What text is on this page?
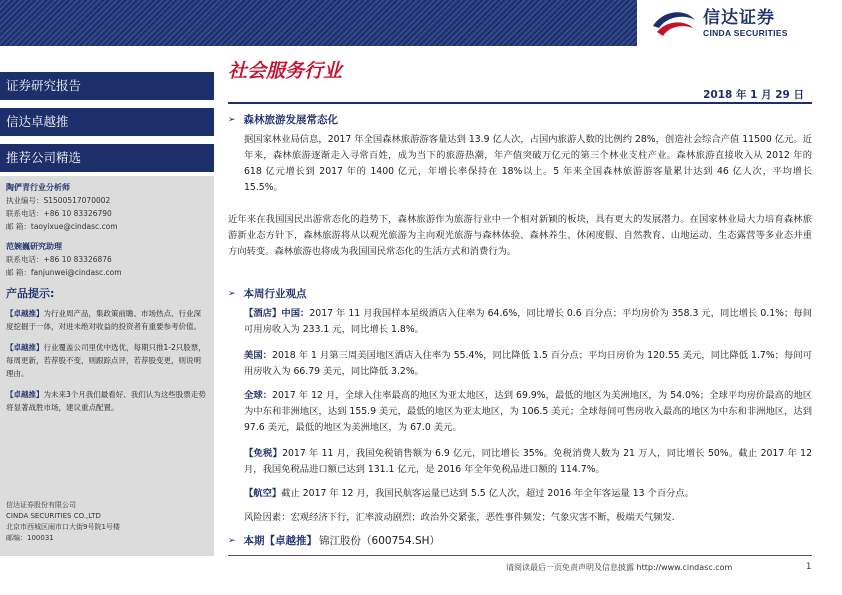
信达证券
CINDA SECURITIES
证券研究报告
信达卓越推
推荐公司精选
陶俨青行业分析师
执业编号：S1500517070002
联系电话：+86 10 83326790
邮 箱：taoyixue@cindasc.com
范婉巍研究助理
联系电话：+86 10 83326876
邮 箱：fanjunwei@cindasc.com
产品提示:
【卓越推】为行业周产品，集政策前瞻、市场热点、行业深度挖掘于一体，对进未绝对收益的投资者有重要参考价值。
【卓越推】行业覆盖公司里优中选优，每期只推1-2只股票，每周更新，若荐股不变，则跟踪点评，若荐股变更，则说明理由。
【卓越推】为未来3个月我们最看好、我们认为这些股票走势将显著战胜市场，建议重点配置。
信达证券股份有限公司
CINDA SECURITIES CO.,LTD
北京市西城区闹市口大街9号院1号楼
邮编：100031
社会服务行业
2018 年 1 月 29 日
➢ 森林旅游发展常态化
据国家林业局信息，2017 年全国森林旅游游客量达到 13.9 亿人次，占国内旅游人数的比例约 28%，创造社会综合产值 11500 亿元。近年来，森林旅游逐渐走入寻常百姓，成为当下的旅游热潮，年产值突破万亿元的第三个林业支柱产业。森林旅游直接收入从 2012 年的 618 亿元增长到 2017 年的 1400 亿元，年增长率保持在 18%以上。5 年来全国森林旅游游客量累计达到 46 亿人次，平均增长 15.5%。
近年来在我国国民出游常态化的趋势下，森林旅游作为旅游行业中一个相对新颖的板块，具有更大的发展潜力。在国家林业局大力培育森林旅游新业态方针下，森林旅游将从以观光旅游为主向观光旅游与森林体验、森林养生、休闲度假、自然教育、山地运动、生态露营等多业态并重方向转变。森林旅游也将成为我国国民常态化的生活方式和消费行为。
➢ 本周行业观点
【酒店】中国：2017 年 11 月我国样本星级酒店入住率为 64.6%，同比增长 0.6 百分点；平均房价为 358.3 元，同比增长 0.1%；每间可用房收入为 233.1 元，同比增长 1.8%。
美国：2018 年 1 月第三周美国地区酒店入住率为 55.4%，同比降低 1.5 百分点；平均日房价为 120.55 美元，同比降低 1.7%；每间可用房收入为 66.79 美元，同比降低 3.2%。
全球：2017 年 12 月，全球入住率最高的地区为亚太地区，达到 69.9%，最低的地区为美洲地区，为 54.0%；全球平均房价最高的地区为中东和非洲地区，达到 155.9 美元，最低的地区为亚太地区，为 106.5 美元；全球每间可售房收入最高的地区为中东和非洲地区，达到 97.6 美元，最低的地区为美洲地区，为 67.0 美元。
【免税】2017 年 11 月，我国免税销售额为 6.9 亿元，同比增长 35%。免税消费人数为 21 万人，同比增长 50%。截止 2017 年 12 月，我国免税品进口额已达到 131.1 亿元，是 2016 年全年免税品进口额的 114.7%。
【航空】截止 2017 年 12 月，我国民航客运量已达到 5.5 亿人次，超过 2016 年全年客运量 13 个百分点。
风险因素：宏观经济下行，汇率波动剧烈；政治外交紧张，恶性事件频发；气象灾害不断，极端天气频发.
➢ 本期【卓越推】 锦江股份（600754.SH）
请阅读最后一页免责声明及信息披露 http://www.cindasc.com	1
